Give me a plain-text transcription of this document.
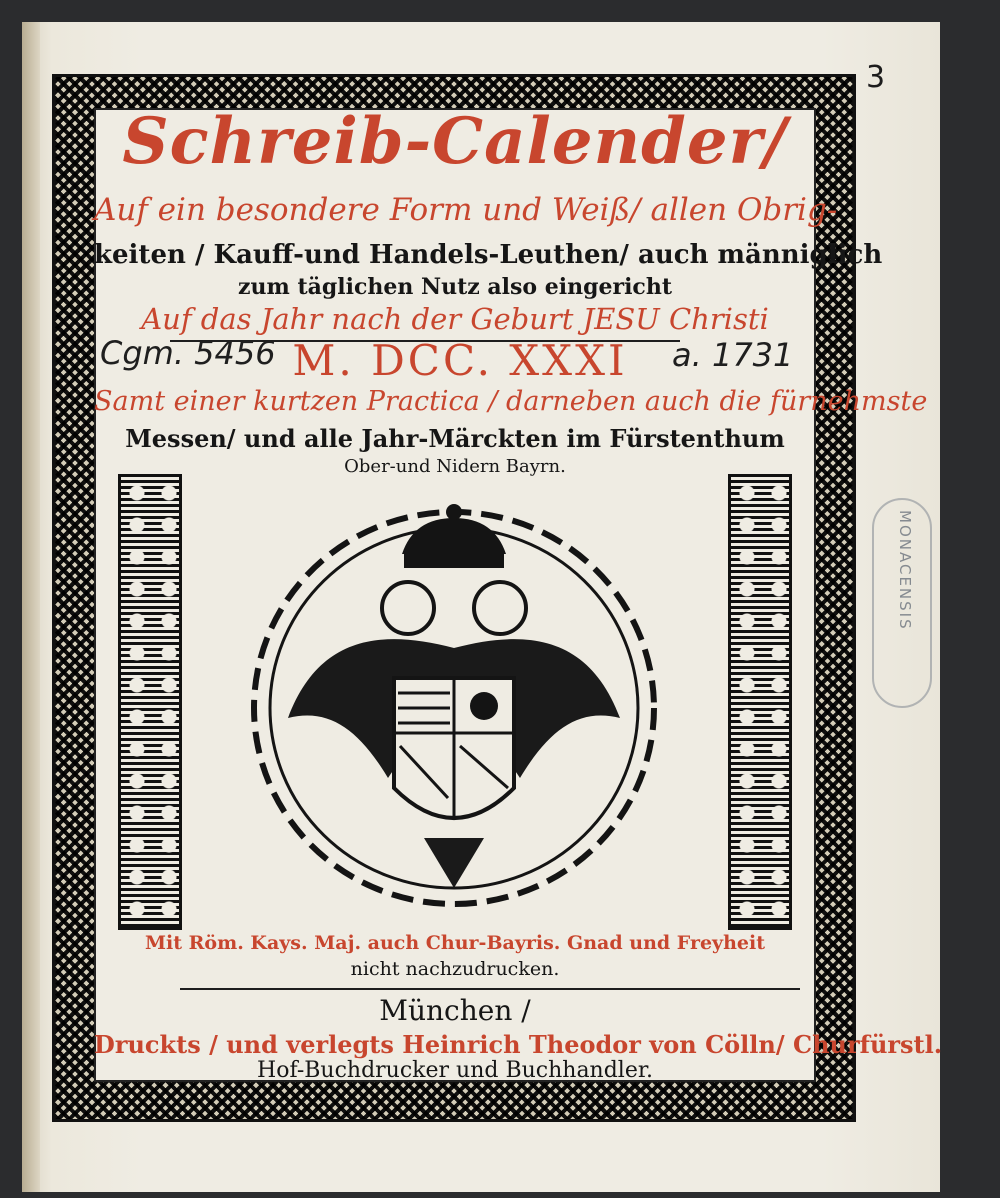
3
MONACENSIS
Schreib-Calender/
Auf ein besondere Form und Weiß/ allen Obrig-
keiten / Kauff-und Handels-Leuthen/ auch männiglich
zum täglichen Nutz also eingericht
Auf das Jahr nach der Geburt JESU Christi
Cgm. 5456 M. DCC. XXXI	a. 1731
Samt einer kurtzen Practica / darneben auch die fürnehmste
Messen/ und alle Jahr-Märckten im Fürstenthum
Ober-und Nidern Bayrn.
Mit Röm. Kays. Maj. auch Chur-Bayris. Gnad und Freyheit
nicht nachzudrucken.
München /
Druckts / und verlegts Heinrich Theodor von Cölln/ Churfürstl.
Hof-Buchdrucker und Buchhandler.
